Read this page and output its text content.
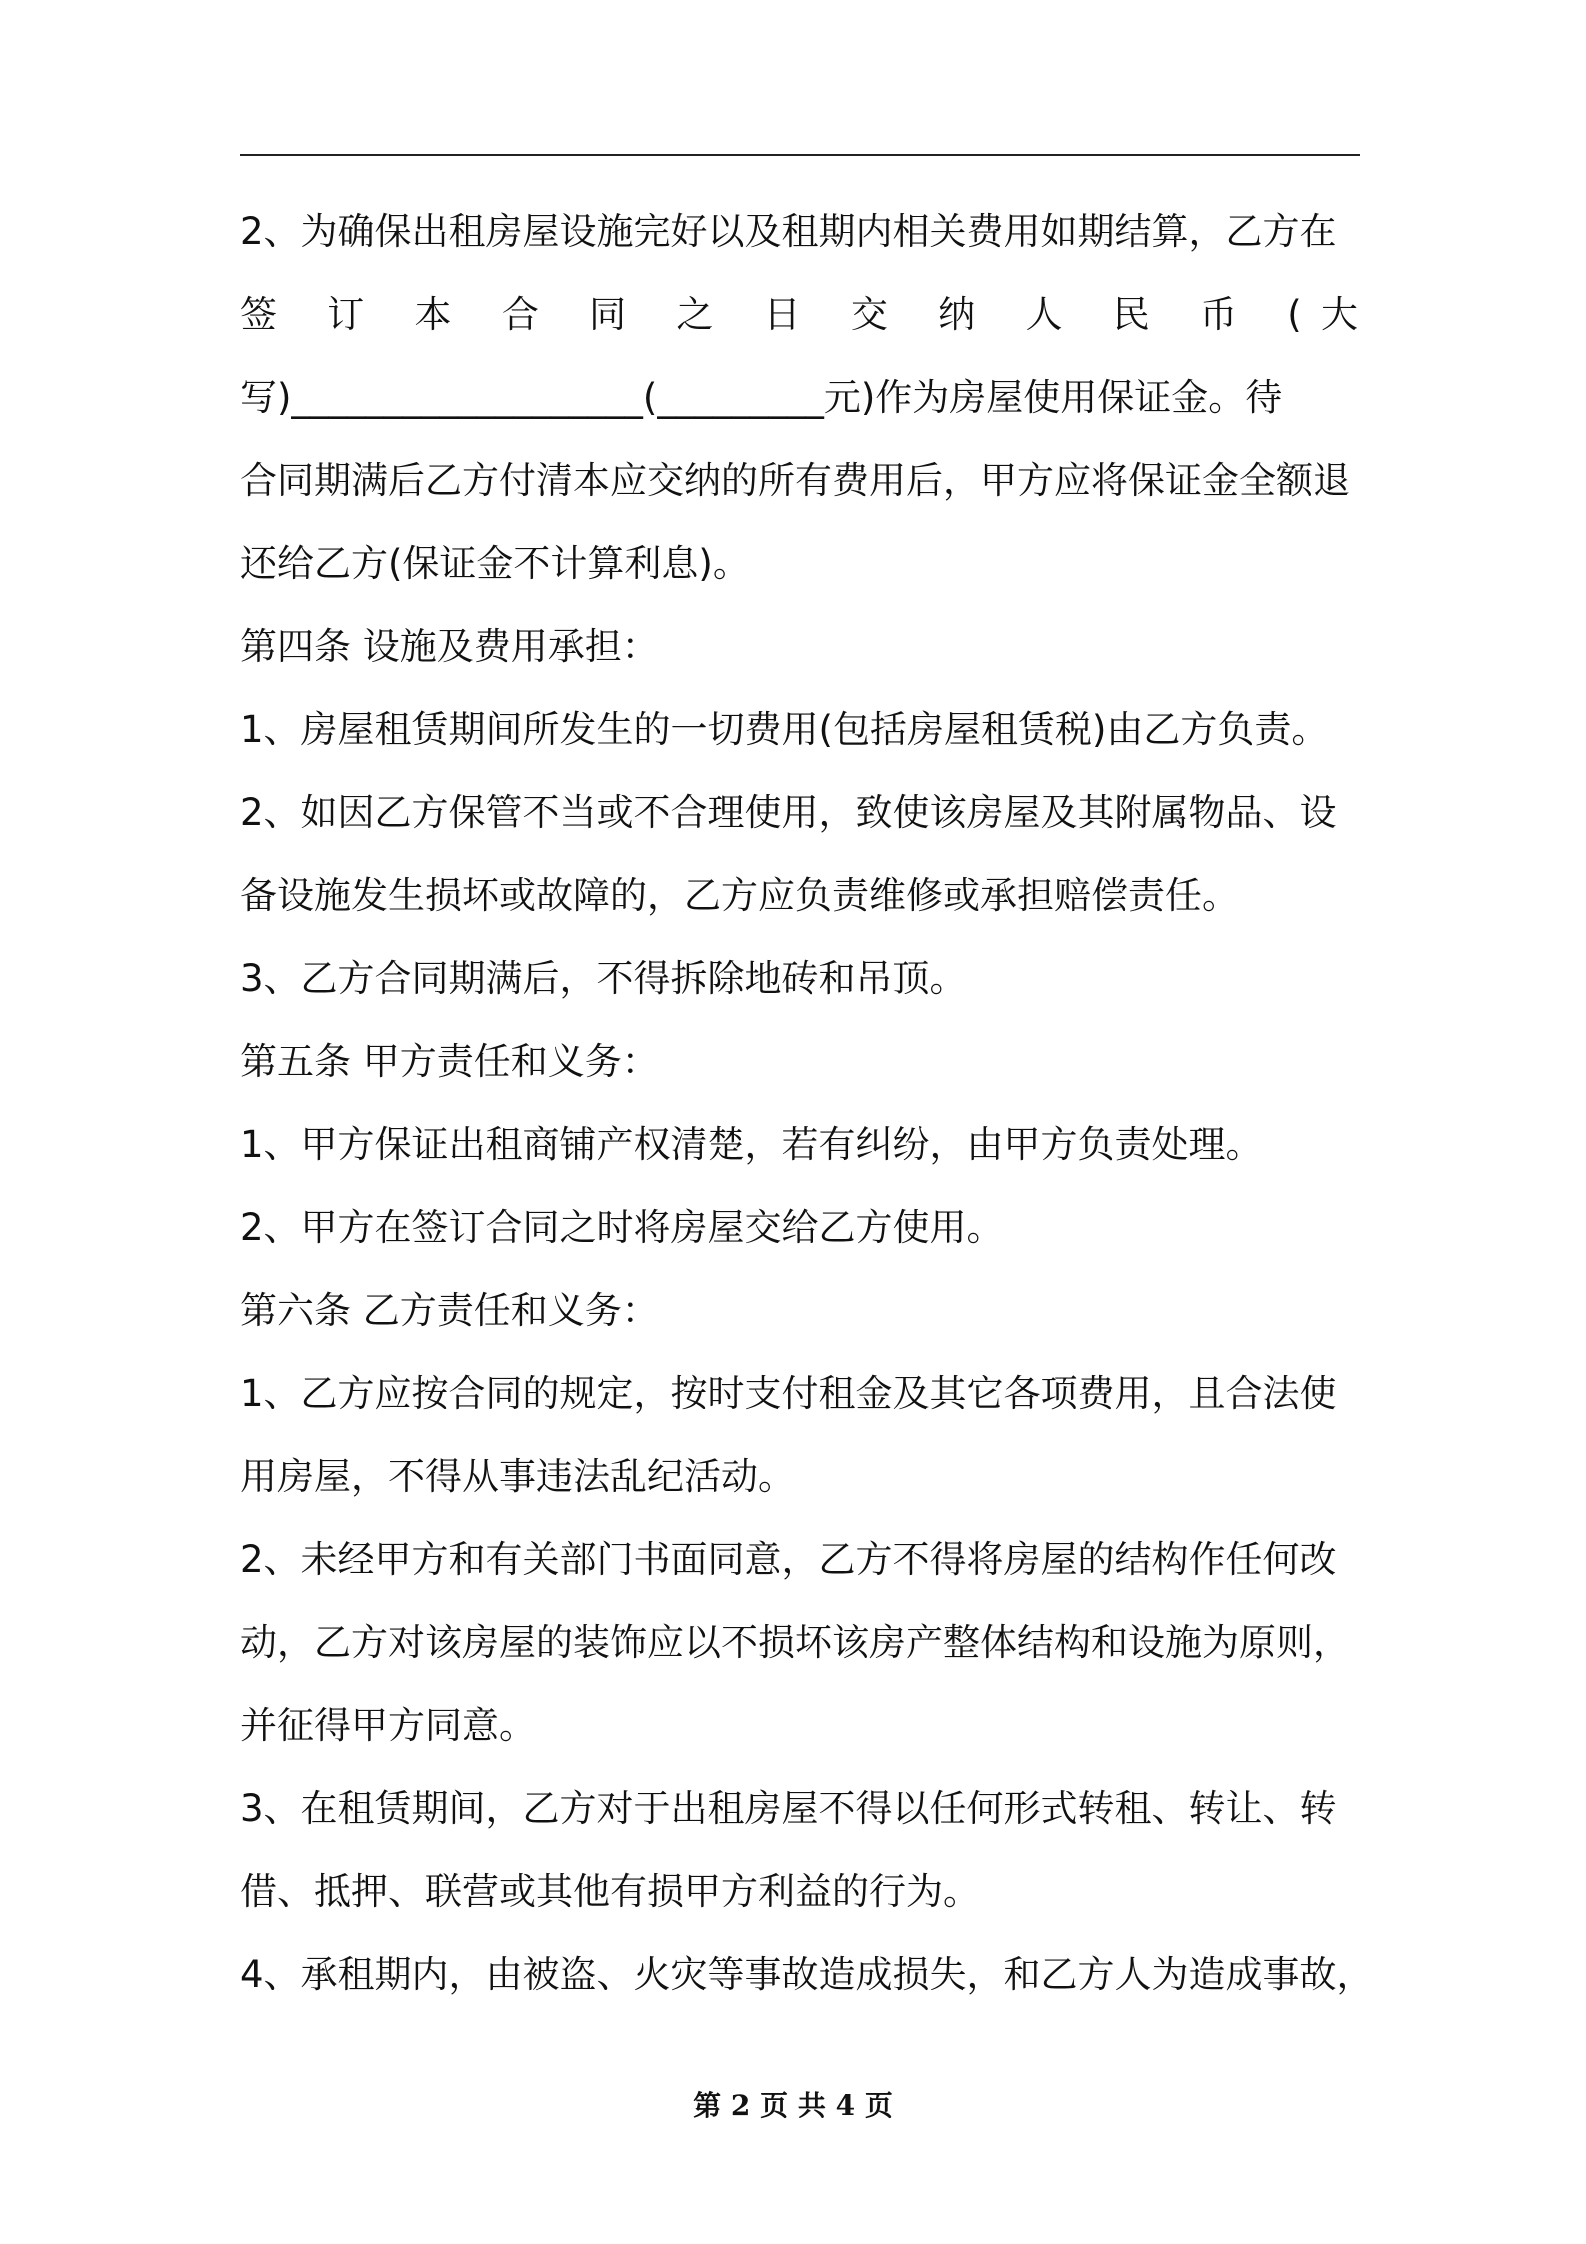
2、为确保出租房屋设施完好以及租期内相关费用如期结算，乙方在
签 订 本 合 同 之 日 交 纳 人 民 币 (大
写)___________________(_________元)作为房屋使用保证金。待
合同期满后乙方付清本应交纳的所有费用后，甲方应将保证金全额退
还给乙方(保证金不计算利息)。
第四条 设施及费用承担：
1、房屋租赁期间所发生的一切费用(包括房屋租赁税)由乙方负责。
2、如因乙方保管不当或不合理使用，致使该房屋及其附属物品、设
备设施发生损坏或故障的，乙方应负责维修或承担赔偿责任。
3、乙方合同期满后，不得拆除地砖和吊顶。
第五条 甲方责任和义务：
1、甲方保证出租商铺产权清楚，若有纠纷，由甲方负责处理。
2、甲方在签订合同之时将房屋交给乙方使用。
第六条 乙方责任和义务：
1、乙方应按合同的规定，按时支付租金及其它各项费用，且合法使
用房屋，不得从事违法乱纪活动。
2、未经甲方和有关部门书面同意，乙方不得将房屋的结构作任何改
动，乙方对该房屋的装饰应以不损坏该房产整体结构和设施为原则，
并征得甲方同意。
3、在租赁期间，乙方对于出租房屋不得以任何形式转租、转让、转
借、抵押、联营或其他有损甲方利益的行为。
4、承租期内，由被盗、火灾等事故造成损失，和乙方人为造成事故，
第 2 页 共 4 页
